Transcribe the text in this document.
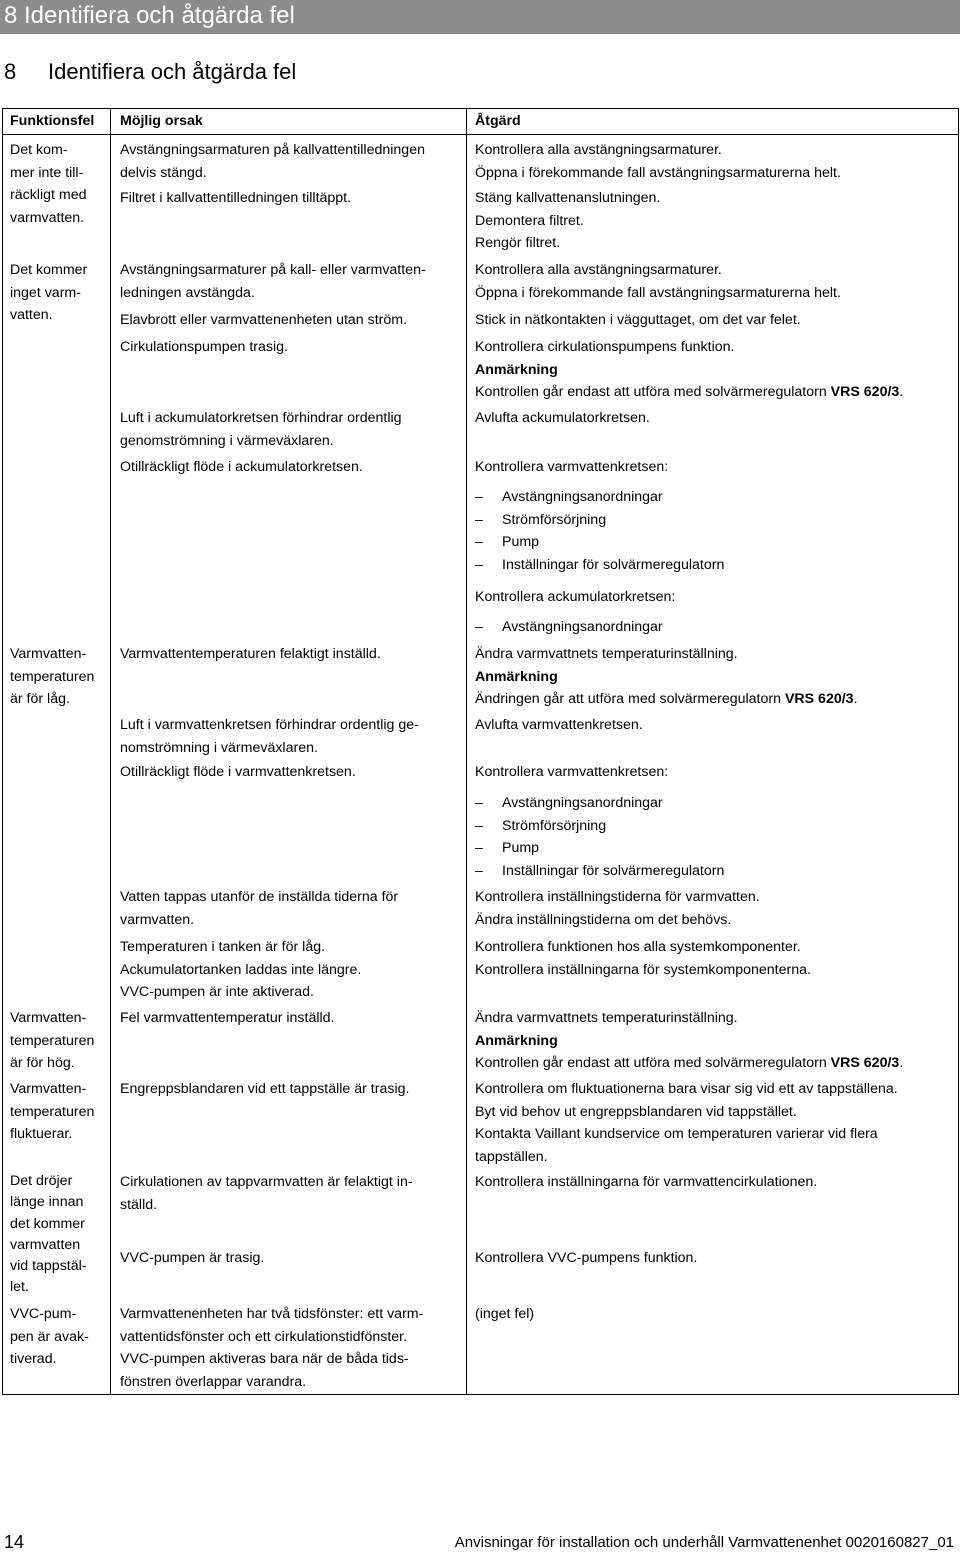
8 Identifiera och åtgärda fel
8 Identifiera och åtgärda fel
Funktionsfel Möjlig orsak	Åtgärd
Det kom-
mer inte till-
räckligt med
varmvatten.
Det kommer
inget varm-
vatten.
Varmvatten-
temperaturen
är för låg.
Varmvatten-
temperaturen
är för hög.
Varmvatten-
temperaturen
fluktuerar.
Det dröjer
länge innan
det kommer
varmvatten
vid tappstäl-
let.
VVC-pum-
pen är avak-
tiverad.
Avstängningsarmaturen på kallvattentilledningen
delvis stängd.
Filtret i kallvattentilledningen tilltäppt.
Avstängningsarmaturer på kall- eller varmvatten-
ledningen avstängda.
Elavbrott eller varmvattenenheten utan ström.
Cirkulationspumpen trasig.
Luft i ackumulatorkretsen förhindrar ordentlig
genomströmning i värmeväxlaren.
Otillräckligt flöde i ackumulatorkretsen.
Varmvattentemperaturen felaktigt inställd.
Luft i varmvattenkretsen förhindrar ordentlig ge-
nomströmning i värmeväxlaren.
Otillräckligt flöde i varmvattenkretsen.
Vatten tappas utanför de inställda tiderna för
varmvatten.
Temperaturen i tanken är för låg.
Ackumulatortanken laddas inte längre.
VVC-pumpen är inte aktiverad.
Fel varmvattentemperatur inställd.
Engreppsblandaren vid ett tappställe är trasig.
Cirkulationen av tappvarmvatten är felaktigt in-
ställd.
VVC-pumpen är trasig.
Varmvattenenheten har två tidsfönster: ett varm-
vattentidsfönster och ett cirkulationstidfönster.
VVC-pumpen aktiveras bara när de båda tids-
fönstren överlappar varandra.
Kontrollera alla avstängningsarmaturer.
Öppna i förekommande fall avstängningsarmaturerna helt.
Stäng kallvattenanslutningen.
Demontera filtret.
Rengör filtret.
Kontrollera alla avstängningsarmaturer.
Öppna i förekommande fall avstängningsarmaturerna helt.
Stick in nätkontakten i vägguttaget, om det var felet.
Kontrollera cirkulationspumpens funktion.
Anmärkning
Kontrollen går endast att utföra med solvärmeregulatorn VRS 620/3.
Avlufta ackumulatorkretsen.
Kontrollera varmvattenkretsen:
– Avstängningsanordningar
– Strömförsörjning
– Pump
– Inställningar för solvärmeregulatorn
Kontrollera ackumulatorkretsen:
– Avstängningsanordningar
Ändra varmvattnets temperaturinställning.
Anmärkning
Ändringen går att utföra med solvärmeregulatorn VRS 620/3.
Avlufta varmvattenkretsen.
Kontrollera varmvattenkretsen:
– Avstängningsanordningar
– Strömförsörjning
– Pump
– Inställningar för solvärmeregulatorn
Kontrollera inställningstiderna för varmvatten.
Ändra inställningstiderna om det behövs.
Kontrollera funktionen hos alla systemkomponenter.
Kontrollera inställningarna för systemkomponenterna.
Ändra varmvattnets temperaturinställning.
Anmärkning
Kontrollen går endast att utföra med solvärmeregulatorn VRS 620/3.
Kontrollera om fluktuationerna bara visar sig vid ett av tappställena.
Byt vid behov ut engreppsblandaren vid tappstället.
Kontakta Vaillant kundservice om temperaturen varierar vid flera
tappställen.
Kontrollera inställningarna för varmvattencirkulationen.
Kontrollera VVC-pumpens funktion.
(inget fel)
14	Anvisningar för installation och underhåll Varmvattenenhet 0020160827_01
